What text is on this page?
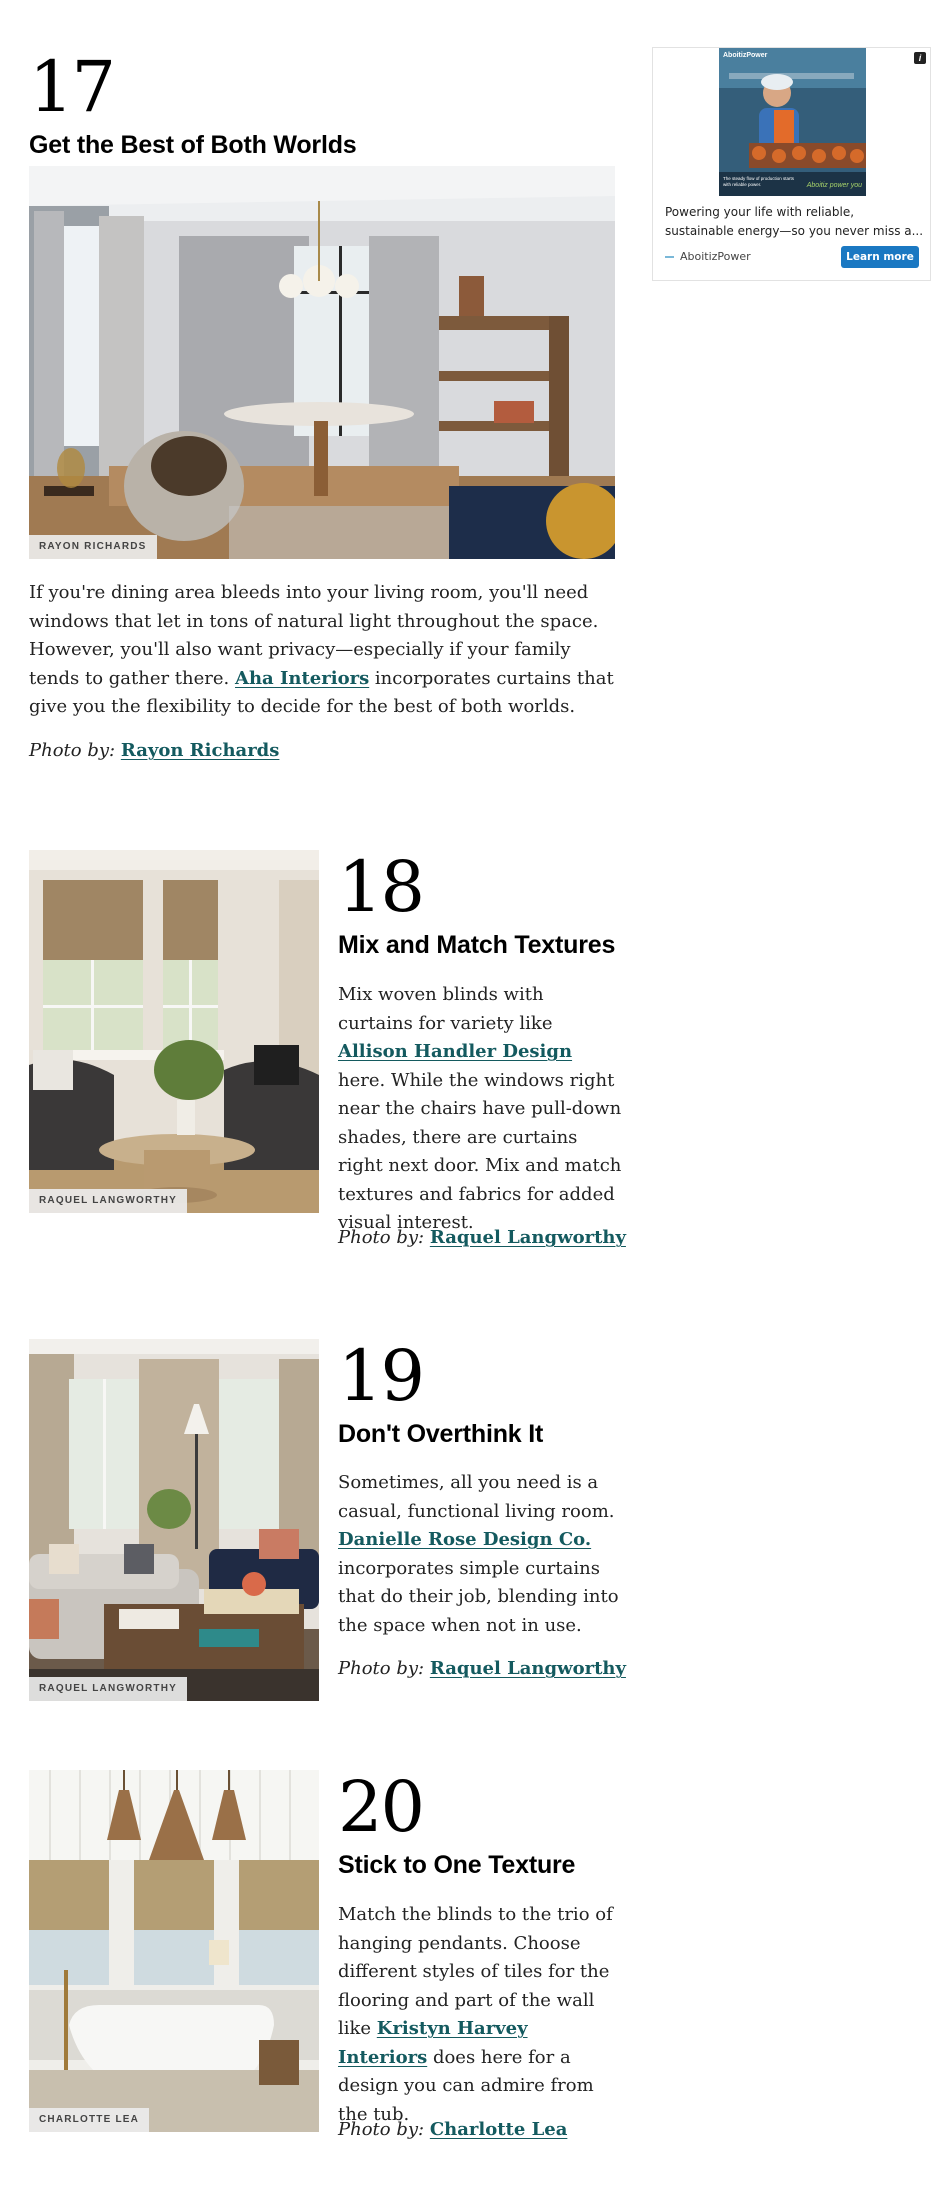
17
Get the Best of Both Worlds
RAYON RICHARDS

If you're dining area bleeds into your living room, you'll need windows that let in tons of natural light throughout the space. However, you'll also want privacy—especially if your family tends to gather there. Aha Interiors incorporates curtains that give you the flexibility to decide for the best of both worlds.

Photo by: Rayon Richards

AboitizPower
The steady flow of production starts with reliable power.	Aboitiz power you
i
Powering your life with reliable, sustainable energy—so you never miss a...
AboitizPower	Learn more
RAQUEL LANGWORTHY
18
Mix and Match Textures

Mix woven blinds with curtains for variety like Allison Handler Design here. While the windows right near the chairs have pull-down shades, there are curtains right next door. Mix and match textures and fabrics for added visual interest.

Photo by: Raquel Langworthy

RAQUEL LANGWORTHY
19
Don't Overthink It

Sometimes, all you need is a casual, functional living room. Danielle Rose Design Co. incorporates simple curtains that do their job, blending into the space when not in use.

Photo by: Raquel Langworthy

CHARLOTTE LEA
20
Stick to One Texture

Match the blinds to the trio of hanging pendants. Choose different styles of tiles for the flooring and part of the wall like Kristyn Harvey Interiors does here for a design you can admire from the tub.

Photo by: Charlotte Lea
